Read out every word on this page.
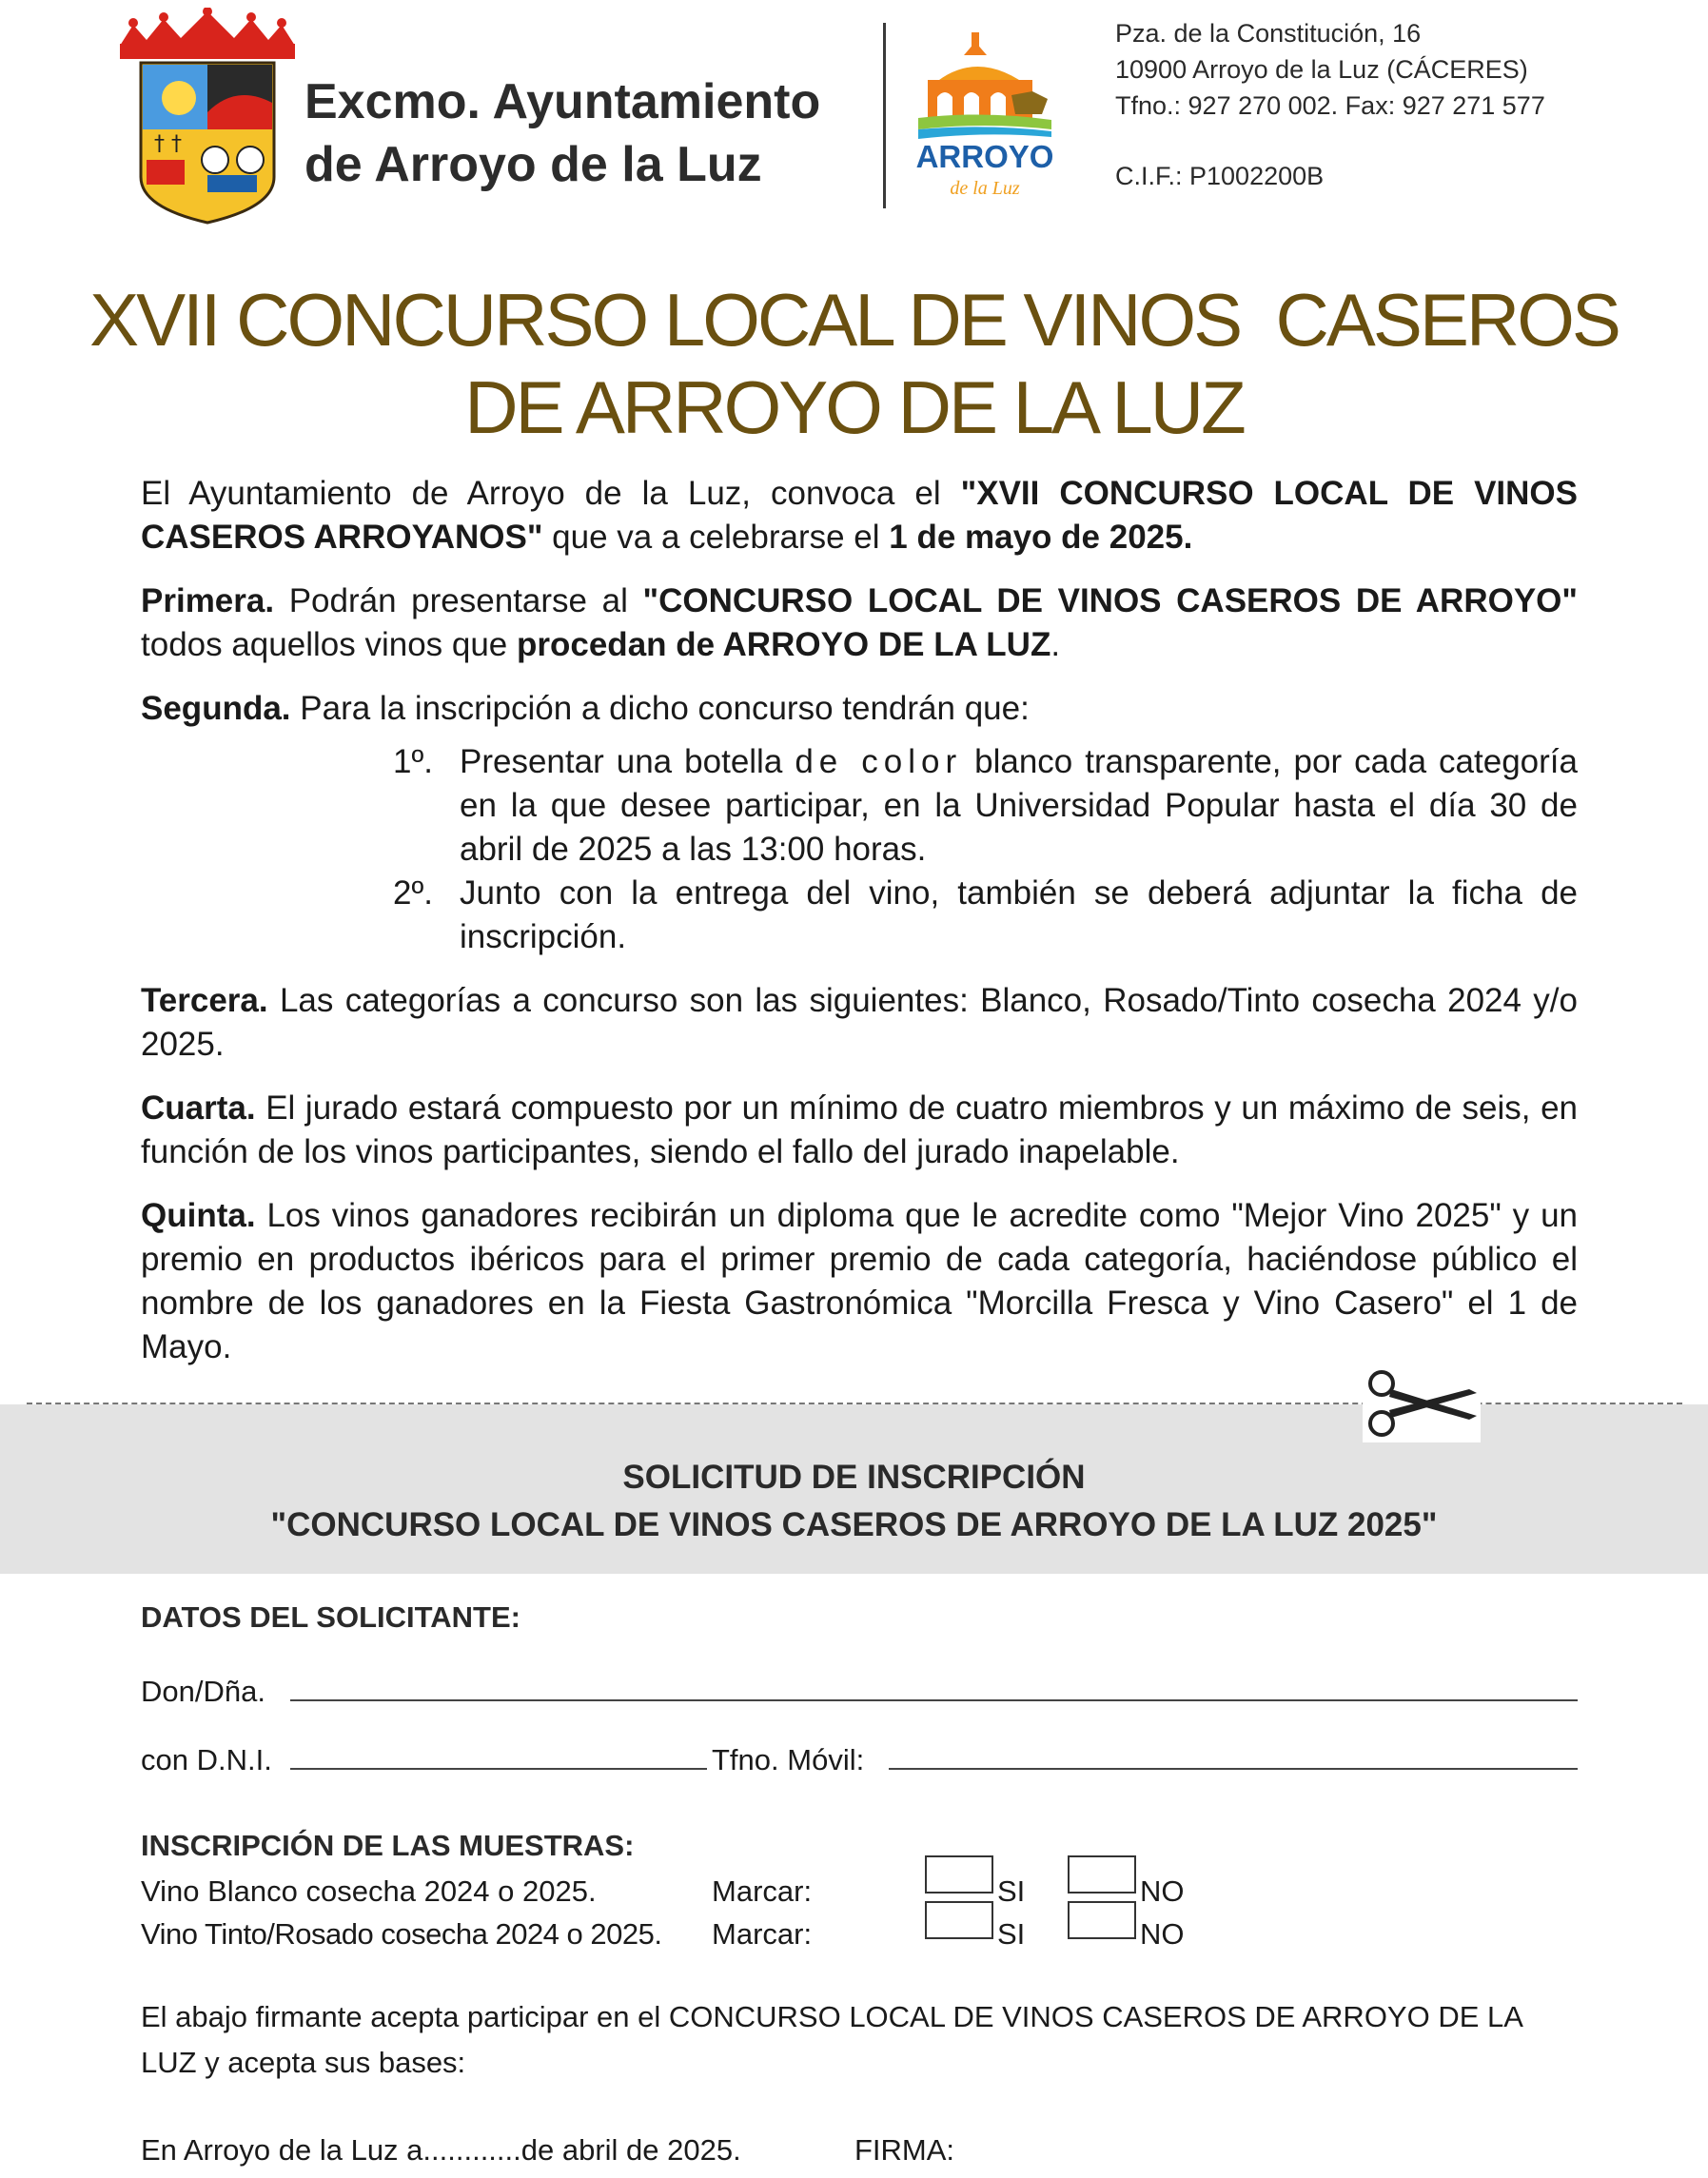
† †
Excmo. Ayuntamiento
de Arroyo de la Luz	ARROYO
de la Luz
Pza. de la Constitución, 16
10900 Arroyo de la Luz (CÁCERES)
Tfno.: 927 270 002. Fax: 927 271 577
C.I.F.: P1002200B
XVII CONCURSO LOCAL DE VINOS  CASEROS
DE ARROYO DE LA LUZ

El Ayuntamiento de Arroyo de la Luz, convoca el "XVII CONCURSO LOCAL DE VINOS CASEROS ARROYANOS" que va a celebrarse el 1 de mayo de 2025.

Primera. Podrán presentarse al "CONCURSO LOCAL DE VINOS CASEROS DE ARROYO" todos aquellos vinos que procedan de ARROYO DE LA LUZ.

Segunda. Para la inscripción a dicho concurso tendrán que:

1º. Presentar una botella de color blanco transparente, por cada categoría en la que desee participar, en la Universidad Popular hasta el día 30 de abril de 2025 a las 13:00 horas.
2º. Junto con la entrega del vino, también se deberá adjuntar la ficha de inscripción.

Tercera. Las categorías a concurso son las siguientes: Blanco, Rosado/Tinto cosecha 2024 y/o 2025.

Cuarta. El jurado estará compuesto por un mínimo de cuatro miembros y un máximo de seis, en función de los vinos participantes, siendo el fallo del jurado inapelable.

Quinta. Los vinos ganadores recibirán un diploma que le acredite como "Mejor Vino 2025" y un premio en productos ibéricos para el primer premio de cada categoría, haciéndose público el nombre de los ganadores en la Fiesta Gastronómica "Morcilla Fresca y Vino Casero" el 1 de Mayo.

SOLICITUD DE INSCRIPCIÓN
"CONCURSO LOCAL DE VINOS CASEROS DE ARROYO DE LA LUZ 2025"
DATOS DEL SOLICITANTE:
Don/Dña.
con D.N.I.	Tfno. Móvil:
INSCRIPCIÓN DE LAS MUESTRAS:
Vino Blanco cosecha 2024 o 2025.	Marcar:	SI	NO
Vino Tinto/Rosado cosecha 2024 o 2025. Marcar:	SI	NO
El abajo firmante acepta participar en el CONCURSO LOCAL DE VINOS CASEROS DE ARROYO DE LA LUZ y acepta sus bases:
En Arroyo de la Luz a............de abril de 2025.	FIRMA:
